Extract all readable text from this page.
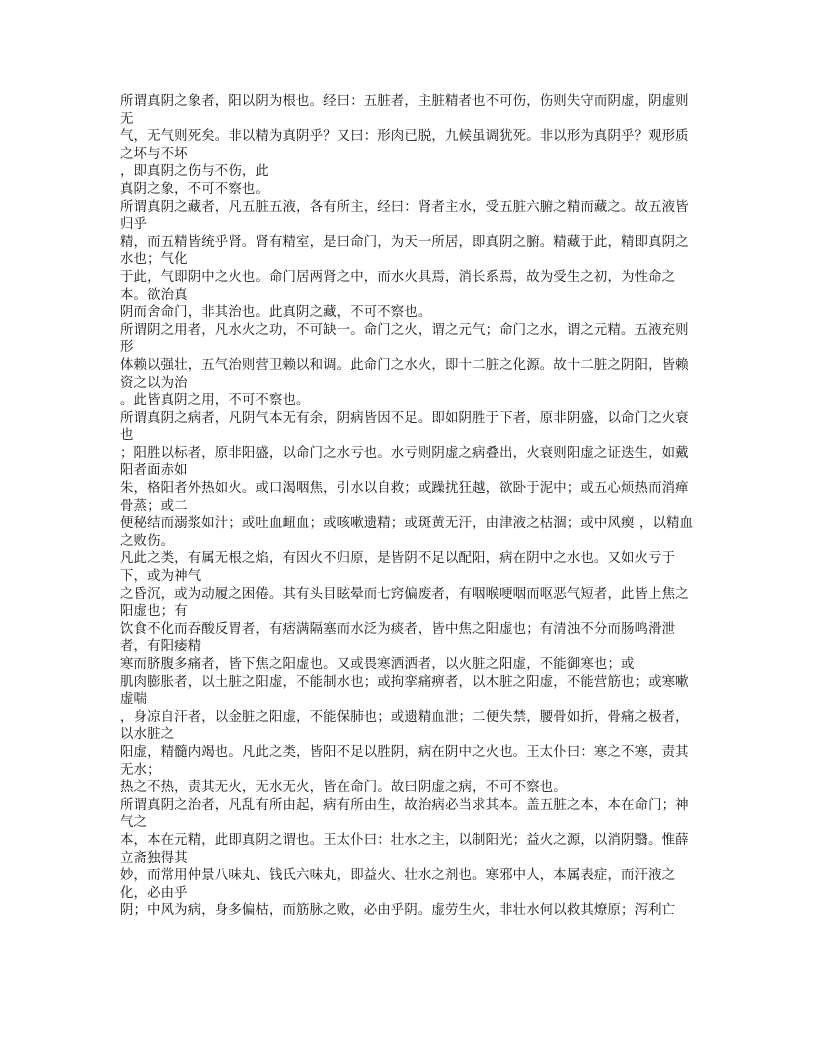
所谓真阴之象者，阳以阴为根也。经曰：五脏者，主脏精者也不可伤，伤则失守而阴虚，阴虚则无
气，无气则死矣。非以精为真阴乎？又曰：形肉已脱，九候虽调犹死。非以形为真阴乎？观形质之坏与不坏
，即真阴之伤与不伤，此
真阴之象，不可不察也。
所谓真阴之藏者，凡五脏五液，各有所主，经曰：肾者主水，受五脏六腑之精而藏之。故五液皆归乎
精，而五精皆统乎肾。肾有精室，是曰命门，为天一所居，即真阴之腑。精藏于此，精即真阴之水也；气化
于此，气即阴中之火也。命门居两肾之中，而水火具焉，消长系焉，故为受生之初，为性命之本。欲治真
阴而舍命门，非其治也。此真阴之藏，不可不察也。
所谓阴之用者，凡水火之功，不可缺一。命门之火，谓之元气；命门之水，谓之元精。五液充则形
体赖以强壮，五气治则营卫赖以和调。此命门之水火，即十二脏之化源。故十二脏之阴阳，皆赖资之以为治
。此皆真阴之用，不可不察也。
所谓真阴之病者，凡阴气本无有余，阴病皆因不足。即如阴胜于下者，原非阴盛，以命门之火衰也
；阳胜以标者，原非阳盛，以命门之水亏也。水亏则阴虚之病叠出，火衰则阳虚之证迭生，如戴阳者面赤如
朱，格阳者外热如火。或口渴咽焦，引水以自救；或躁扰狂越，欲卧于泥中；或五心烦热而消瘅骨蒸；或二
便秘结而溺浆如汁；或吐血衄血；或咳嗽遗精；或斑黄无汗，由津液之枯涸；或中风瘈 ，以精血之败伤。
凡此之类，有属无根之焰，有因火不归原，是皆阴不足以配阳，病在阴中之水也。又如火亏于下，或为神气
之昏沉，或为动履之困倦。其有头目眩晕而七窍偏废者，有咽喉哽咽而呕恶气短者，此皆上焦之阳虚也；有
饮食不化而吞酸反胃者，有痞满隔塞而水泛为痰者，皆中焦之阳虚也；有清浊不分而肠鸣滑泄者，有阳痿精
寒而脐腹多痛者，皆下焦之阳虚也。又或畏寒洒洒者，以火脏之阳虚，不能御寒也；或
肌肉膨胀者，以土脏之阳虚，不能制水也；或拘挛痛痹者，以木脏之阳虚，不能营筋也；或寒嗽虚喘
，身凉自汗者，以金脏之阳虚，不能保肺也；或遗精血泄；二便失禁，腰骨如折，骨痛之极者，以水脏之
阳虚，精髓内竭也。凡此之类，皆阳不足以胜阴，病在阴中之火也。王太仆曰：寒之不寒，责其无水；
热之不热，责其无火，无水无火，皆在命门。故曰阴虚之病，不可不察也。
所谓真阴之治者，凡乱有所由起，病有所由生，故治病必当求其本。盖五脏之本，本在命门；神气之
本，本在元精，此即真阴之谓也。王太仆曰：壮水之主，以制阳光；益火之源，以消阴翳。惟薛立斋独得其
妙，而常用仲景八味丸、钱氏六味丸，即益火、壮水之剂也。寒邪中人，本属表症，而汗液之化，必由乎
阴；中风为病，身多偏枯，而筋脉之败，必由乎阴。虚劳生火，非壮水何以救其燎原；泻利亡
